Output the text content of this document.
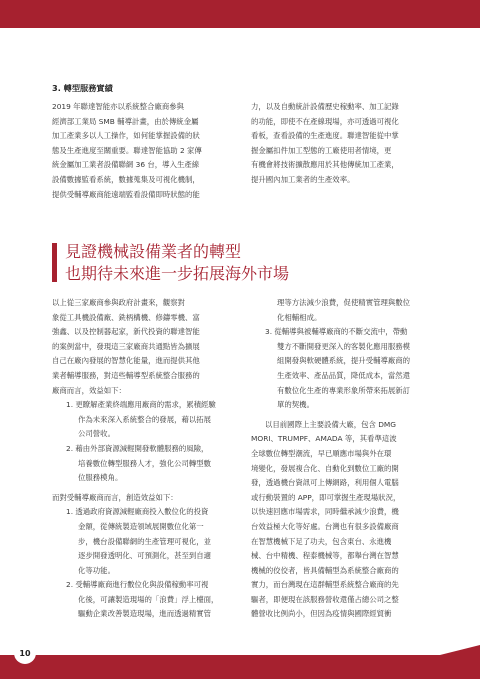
3. 轉型服務實績
2019 年聯達智能亦以系統整合廠商參與
經濟部工業局 SMB 輔導計畫，由於傳統金屬
加工產業多以人工操作，如何能掌握設備的狀
態及生產進度至關重要。聯達智能協助 2 家傳
統金屬加工業者設備聯網 36 台，導入生產線
設備數據監看系統，數據蒐集及可視化機制，
提供受輔導廠商能遠端監看設備即時狀態的能
力，以及自動統計設備歷史稼動率、加工記錄
的功能，即使不在產線現場，亦可透過可視化
看板，查看設備的生產進度。聯達智能從中掌
握金屬扣件加工型態的工廠使用者情境，更
有機會將技術擴散應用於其他傳統加工產業，
提升國內加工業者的生產效率。
見證機械設備業者的轉型
也期待未來進一步拓展海外市場
以上從三家廠商參與政府計畫來，觀察對
象從工具機設備廠、銑柄構機、修鑄零機、富
強鑫、以及控制器起家，新代投資的聯達智能
的案例當中，發現這三家廠商共通點皆為擴展
自己在廠內發展的智慧化能量，進而提供其他
業者輔導服務，對這些輔導型系統整合服務的
廠商而言，效益如下：
1. 更瞭解產業終端應用廠商的需求，累積經驗
作為未來深入系統整合的發展，藉以拓展
公司營收。
2. 藉由外部資源減輕開發軟體服務的風險，
培養數位轉型服務人才，強化公司轉型數
位服務模角。
而對受輔導廠商而言，創造效益如下：
1. 透過政府資源減輕廠商投入數位化的投資
金額，從傳統製造領域展開數位化第一
步，機台設備聯網的生產管理可視化，並
逐步開發透明化、可預測化，甚至到自適
化等功能。
2. 受輔導廠商進行數位化與設備稼動率可視
化後，可讓製造現場的「浪費」浮上檯面，
驅動企業改善製造現場，進而透過精實管
理等方法減少浪費，促使精實管理與數位
化相輔相成。
3. 從輔導與被輔導廠商的不斷交流中，帶動
雙方不斷開發更深入的客製化應用服務模
組開發與軟硬體系統，提升受輔導廠商的
生產效率、產品品質，降低成本，當然還
有數位化生產的專業形象所帶來拓展新訂
單的契機。
以目前國際上主要設備大廠，包含 DMG
MORI、TRUMPF、AMADA 等，其看準這波
全球數位轉型潮流，早已順應市場與外在環
境變化，發展複合化、自動化到數位工廠的開
發，透過機台資訊可上傳網路，利用個人電腦
或行動裝置的 APP，即可掌握生產現場狀況，
以快速回應市場需求，同時繼承減少浪費，機
台效益極大化等好處。台灣也有很多設備廠商
在智慧機械下足了功夫，包含東台、永進機
械、台中精機、程泰機械等，都舉台灣在智慧
機械的佼佼者，皆具備輔型為系統整合廠商的
實力，而台灣現在這群輔型系統整合廠商的先
驅者，即便現在該服務營收還僅占總公司之整
體營收比例尚小，但因為疫情與國際經貿衝
10
